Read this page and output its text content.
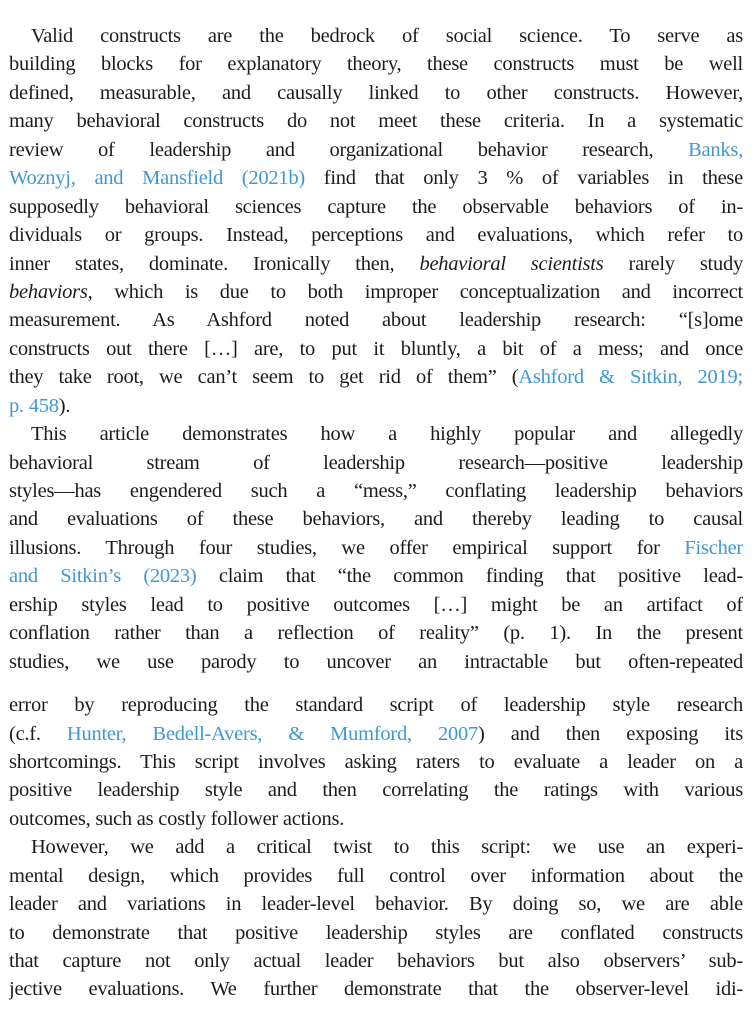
Valid constructs are the bedrock of social science. To serve as
building blocks for explanatory theory, these constructs must be well
defined, measurable, and causally linked to other constructs. However,
many behavioral constructs do not meet these criteria. In a systematic
review of leadership and organizational behavior research, Banks,
Woznyj, and Mansfield (2021b) find that only 3 % of variables in these
supposedly behavioral sciences capture the observable behaviors of in-
dividuals or groups. Instead, perceptions and evaluations, which refer to
inner states, dominate. Ironically then, behavioral scientists rarely study
behaviors, which is due to both improper conceptualization and incorrect
measurement. As Ashford noted about leadership research: “[s]ome
constructs out there […] are, to put it bluntly, a bit of a mess; and once
they take root, we can’t seem to get rid of them” (Ashford & Sitkin, 2019;
p. 458).
This article demonstrates how a highly popular and allegedly
behavioral stream of leadership research—positive leadership
styles—has engendered such a “mess,” conflating leadership behaviors
and evaluations of these behaviors, and thereby leading to causal
illusions. Through four studies, we offer empirical support for Fischer
and Sitkin’s (2023) claim that “the common finding that positive lead-
ership styles lead to positive outcomes […] might be an artifact of
conflation rather than a reflection of reality” (p. 1). In the present
studies, we use parody to uncover an intractable but often-repeated
error by reproducing the standard script of leadership style research
(c.f. Hunter, Bedell-Avers, & Mumford, 2007) and then exposing its
shortcomings. This script involves asking raters to evaluate a leader on a
positive leadership style and then correlating the ratings with various
outcomes, such as costly follower actions.
However, we add a critical twist to this script: we use an experi-
mental design, which provides full control over information about the
leader and variations in leader-level behavior. By doing so, we are able
to demonstrate that positive leadership styles are conflated constructs
that capture not only actual leader behaviors but also observers’ sub-
jective evaluations. We further demonstrate that the observer-level idi-
